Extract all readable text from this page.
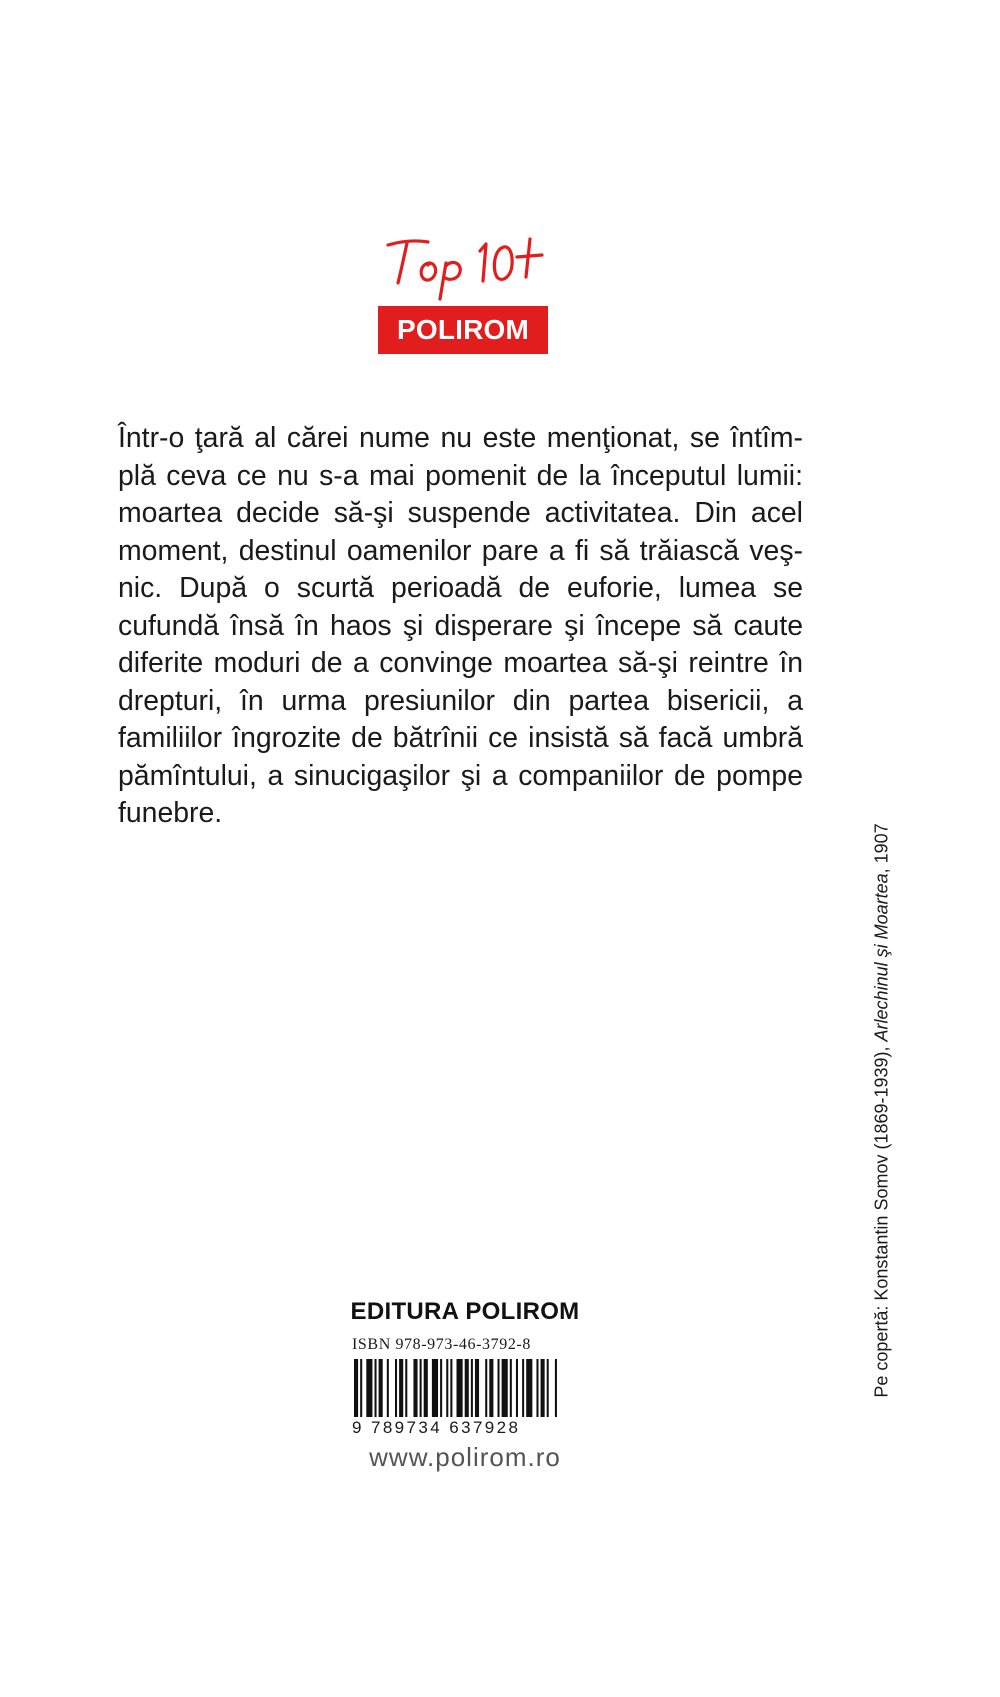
POLIROM

Într-o ţară al cărei nume nu este menţionat, se întîmplă ceva ce nu s-a mai pomenit de la începutul lumii: moartea decide să-şi suspende activitatea. Din acel moment, destinul oamenilor pare a fi să trăiască veşnic. După o scurtă perioadă de euforie, lumea se cufundă însă în haos şi disperare şi începe să caute diferite moduri de a convinge moartea să-şi reintre în drepturi, în urma presiunilor din partea bisericii, a familiilor îngrozite de bătrînii ce insistă să facă umbră pămîntului, a sinucigaşilor şi a companiilor de pompe funebre.

Pe copertă: Konstantin Somov (1869-1939), Arlechinul şi Moartea, 1907
EDITURA POLIROM
ISBN 978-973-46-3792-8
9 789734 637928
www.polirom.ro
